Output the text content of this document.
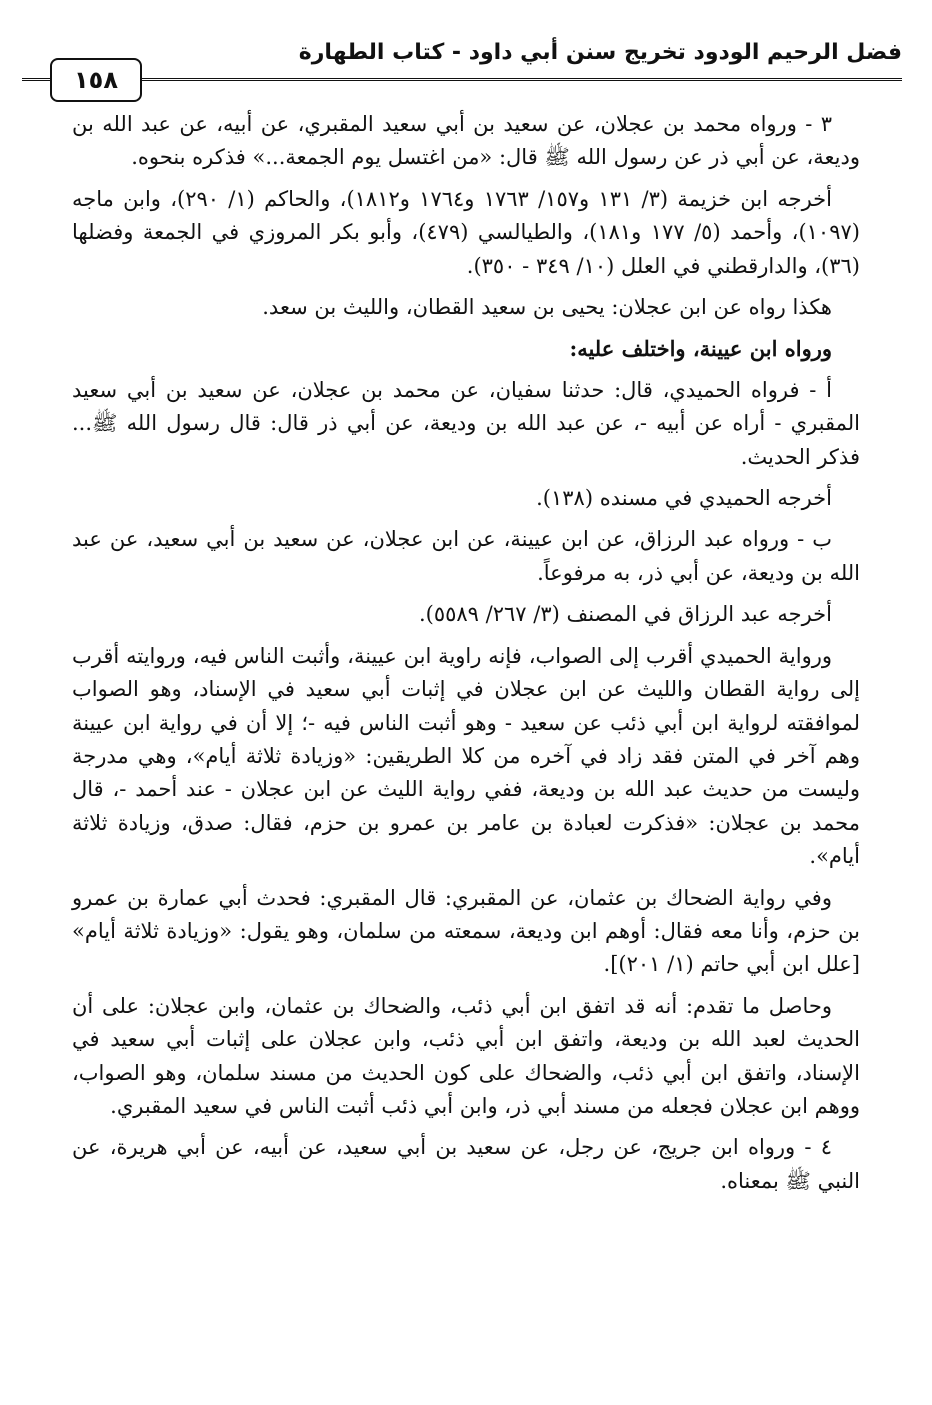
فضل الرحيم الودود تخريج سنن أبي داود - كتاب الطهارة
١٥٨

٣ - ورواه محمد بن عجلان، عن سعيد بن أبي سعيد المقبري، عن أبيه، عن عبد الله بن وديعة، عن أبي ذر عن رسول الله ﷺ قال: «من اغتسل يوم الجمعة...» فذكره بنحوه.

أخرجه ابن خزيمة (٣/ ١٣١ و١٥٧/ ١٧٦٣ و١٧٦٤ و١٨١٢)، والحاكم (١/ ٢٩٠)، وابن ماجه (١٠٩٧)، وأحمد (٥/ ١٧٧ و١٨١)، والطيالسي (٤٧٩)، وأبو بكر المروزي في الجمعة وفضلها (٣٦)، والدارقطني في العلل (١٠/ ٣٤٩ - ٣٥٠).

هكذا رواه عن ابن عجلان: يحيى بن سعيد القطان، والليث بن سعد.

ورواه ابن عيينة، واختلف عليه:

أ - فرواه الحميدي، قال: حدثنا سفيان، عن محمد بن عجلان، عن سعيد بن أبي سعيد المقبري - أراه عن أبيه -، عن عبد الله بن وديعة، عن أبي ذر قال: قال رسول الله ﷺ... فذكر الحديث.

أخرجه الحميدي في مسنده (١٣٨).

ب - ورواه عبد الرزاق، عن ابن عيينة، عن ابن عجلان، عن سعيد بن أبي سعيد، عن عبد الله بن وديعة، عن أبي ذر، به مرفوعاً.

أخرجه عبد الرزاق في المصنف (٣/ ٢٦٧/ ٥٥٨٩).

ورواية الحميدي أقرب إلى الصواب، فإنه راوية ابن عيينة، وأثبت الناس فيه، وروايته أقرب إلى رواية القطان والليث عن ابن عجلان في إثبات أبي سعيد في الإسناد، وهو الصواب لموافقته لرواية ابن أبي ذئب عن سعيد - وهو أثبت الناس فيه -؛ إلا أن في رواية ابن عيينة وهم آخر في المتن فقد زاد في آخره من كلا الطريقين: «وزيادة ثلاثة أيام»، وهي مدرجة وليست من حديث عبد الله بن وديعة، ففي رواية الليث عن ابن عجلان - عند أحمد -، قال محمد بن عجلان: «فذكرت لعبادة بن عامر بن عمرو بن حزم، فقال: صدق، وزيادة ثلاثة أيام».

وفي رواية الضحاك بن عثمان، عن المقبري: قال المقبري: فحدث أبي عمارة بن عمرو بن حزم، وأنا معه فقال: أوهم ابن وديعة، سمعته من سلمان، وهو يقول: «وزيادة ثلاثة أيام» [علل ابن أبي حاتم (١/ ٢٠١)].

وحاصل ما تقدم: أنه قد اتفق ابن أبي ذئب، والضحاك بن عثمان، وابن عجلان: على أن الحديث لعبد الله بن وديعة، واتفق ابن أبي ذئب، وابن عجلان على إثبات أبي سعيد في الإسناد، واتفق ابن أبي ذئب، والضحاك على كون الحديث من مسند سلمان، وهو الصواب، ووهم ابن عجلان فجعله من مسند أبي ذر، وابن أبي ذئب أثبت الناس في سعيد المقبري.

٤ - ورواه ابن جريج، عن رجل، عن سعيد بن أبي سعيد، عن أبيه، عن أبي هريرة، عن النبي ﷺ بمعناه.
